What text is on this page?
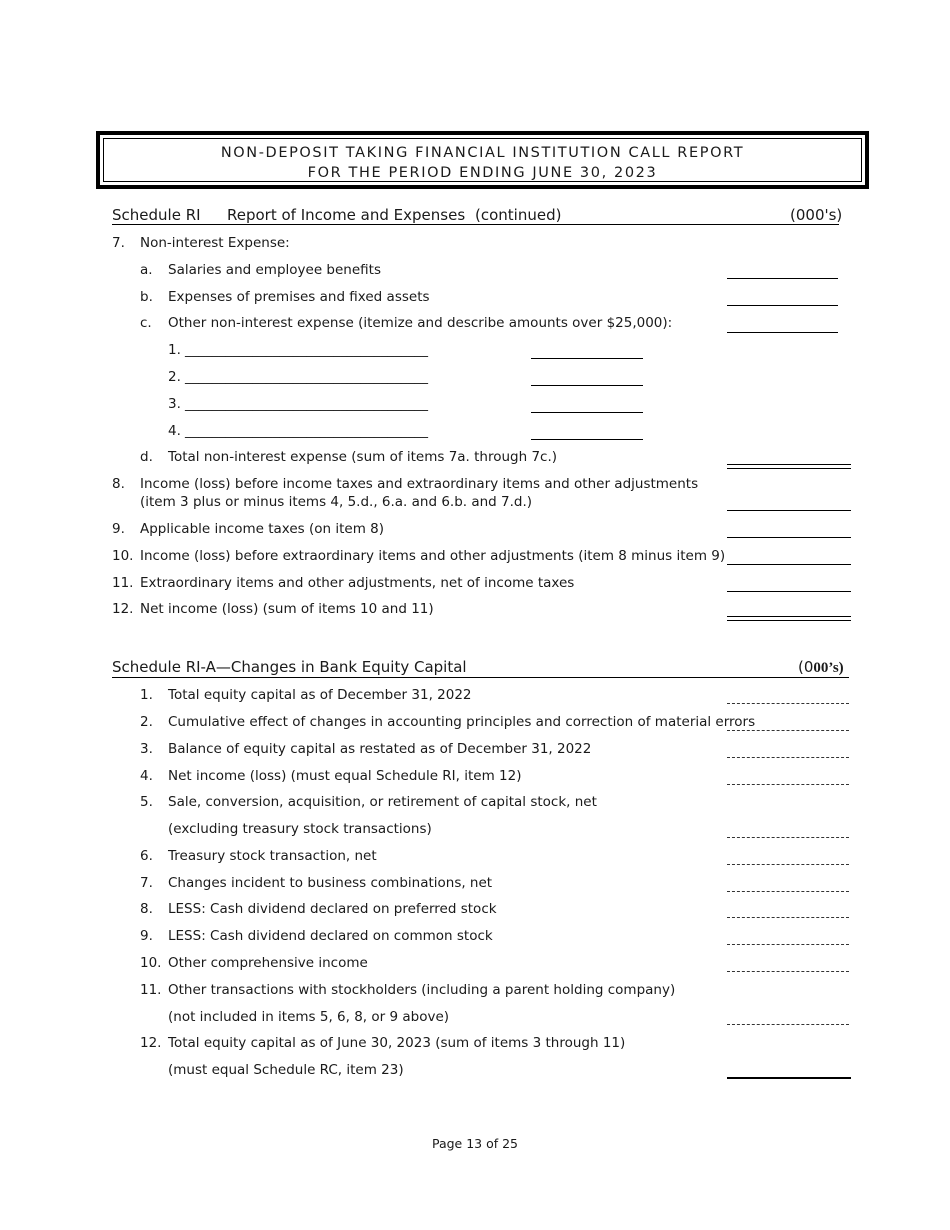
NON-DEPOSIT TAKING FINANCIAL INSTITUTION CALL REPORT
FOR THE PERIOD ENDING JUNE 30, 2023
Schedule RI Report of Income and Expenses (continued)	(000's)
7. Non-interest Expense:
a. Salaries and employee benefits
b. Expenses of premises and fixed assets
c. Other non-interest expense (itemize and describe amounts over $25,000):
1. ____________________________________
2. ____________________________________
3. ____________________________________
4. ____________________________________
d. Total non-interest expense (sum of items 7a. through 7c.)
8. Income (loss) before income taxes and extraordinary items and other adjustments
(item 3 plus or minus items 4, 5.d., 6.a. and 6.b. and 7.d.)
9. Applicable income taxes (on item 8)
10. Income (loss) before extraordinary items and other adjustments (item 8 minus item 9)
11. Extraordinary items and other adjustments, net of income taxes
12. Net income (loss) (sum of items 10 and 11)
Schedule RI-A—Changes in Bank Equity Capital	(000’s)
1. Total equity capital as of December 31, 2022
2. Cumulative effect of changes in accounting principles and correction of material errors
3. Balance of equity capital as restated as of December 31, 2022
4. Net income (loss) (must equal Schedule RI, item 12)
5. Sale, conversion, acquisition, or retirement of capital stock, net
(excluding treasury stock transactions)
6. Treasury stock transaction, net
7. Changes incident to business combinations, net
8. LESS: Cash dividend declared on preferred stock
9. LESS: Cash dividend declared on common stock
10. Other comprehensive income
11. Other transactions with stockholders (including a parent holding company)
(not included in items 5, 6, 8, or 9 above)
12. Total equity capital as of June 30, 2023 (sum of items 3 through 11)
(must equal Schedule RC, item 23)
Page 13 of 25
